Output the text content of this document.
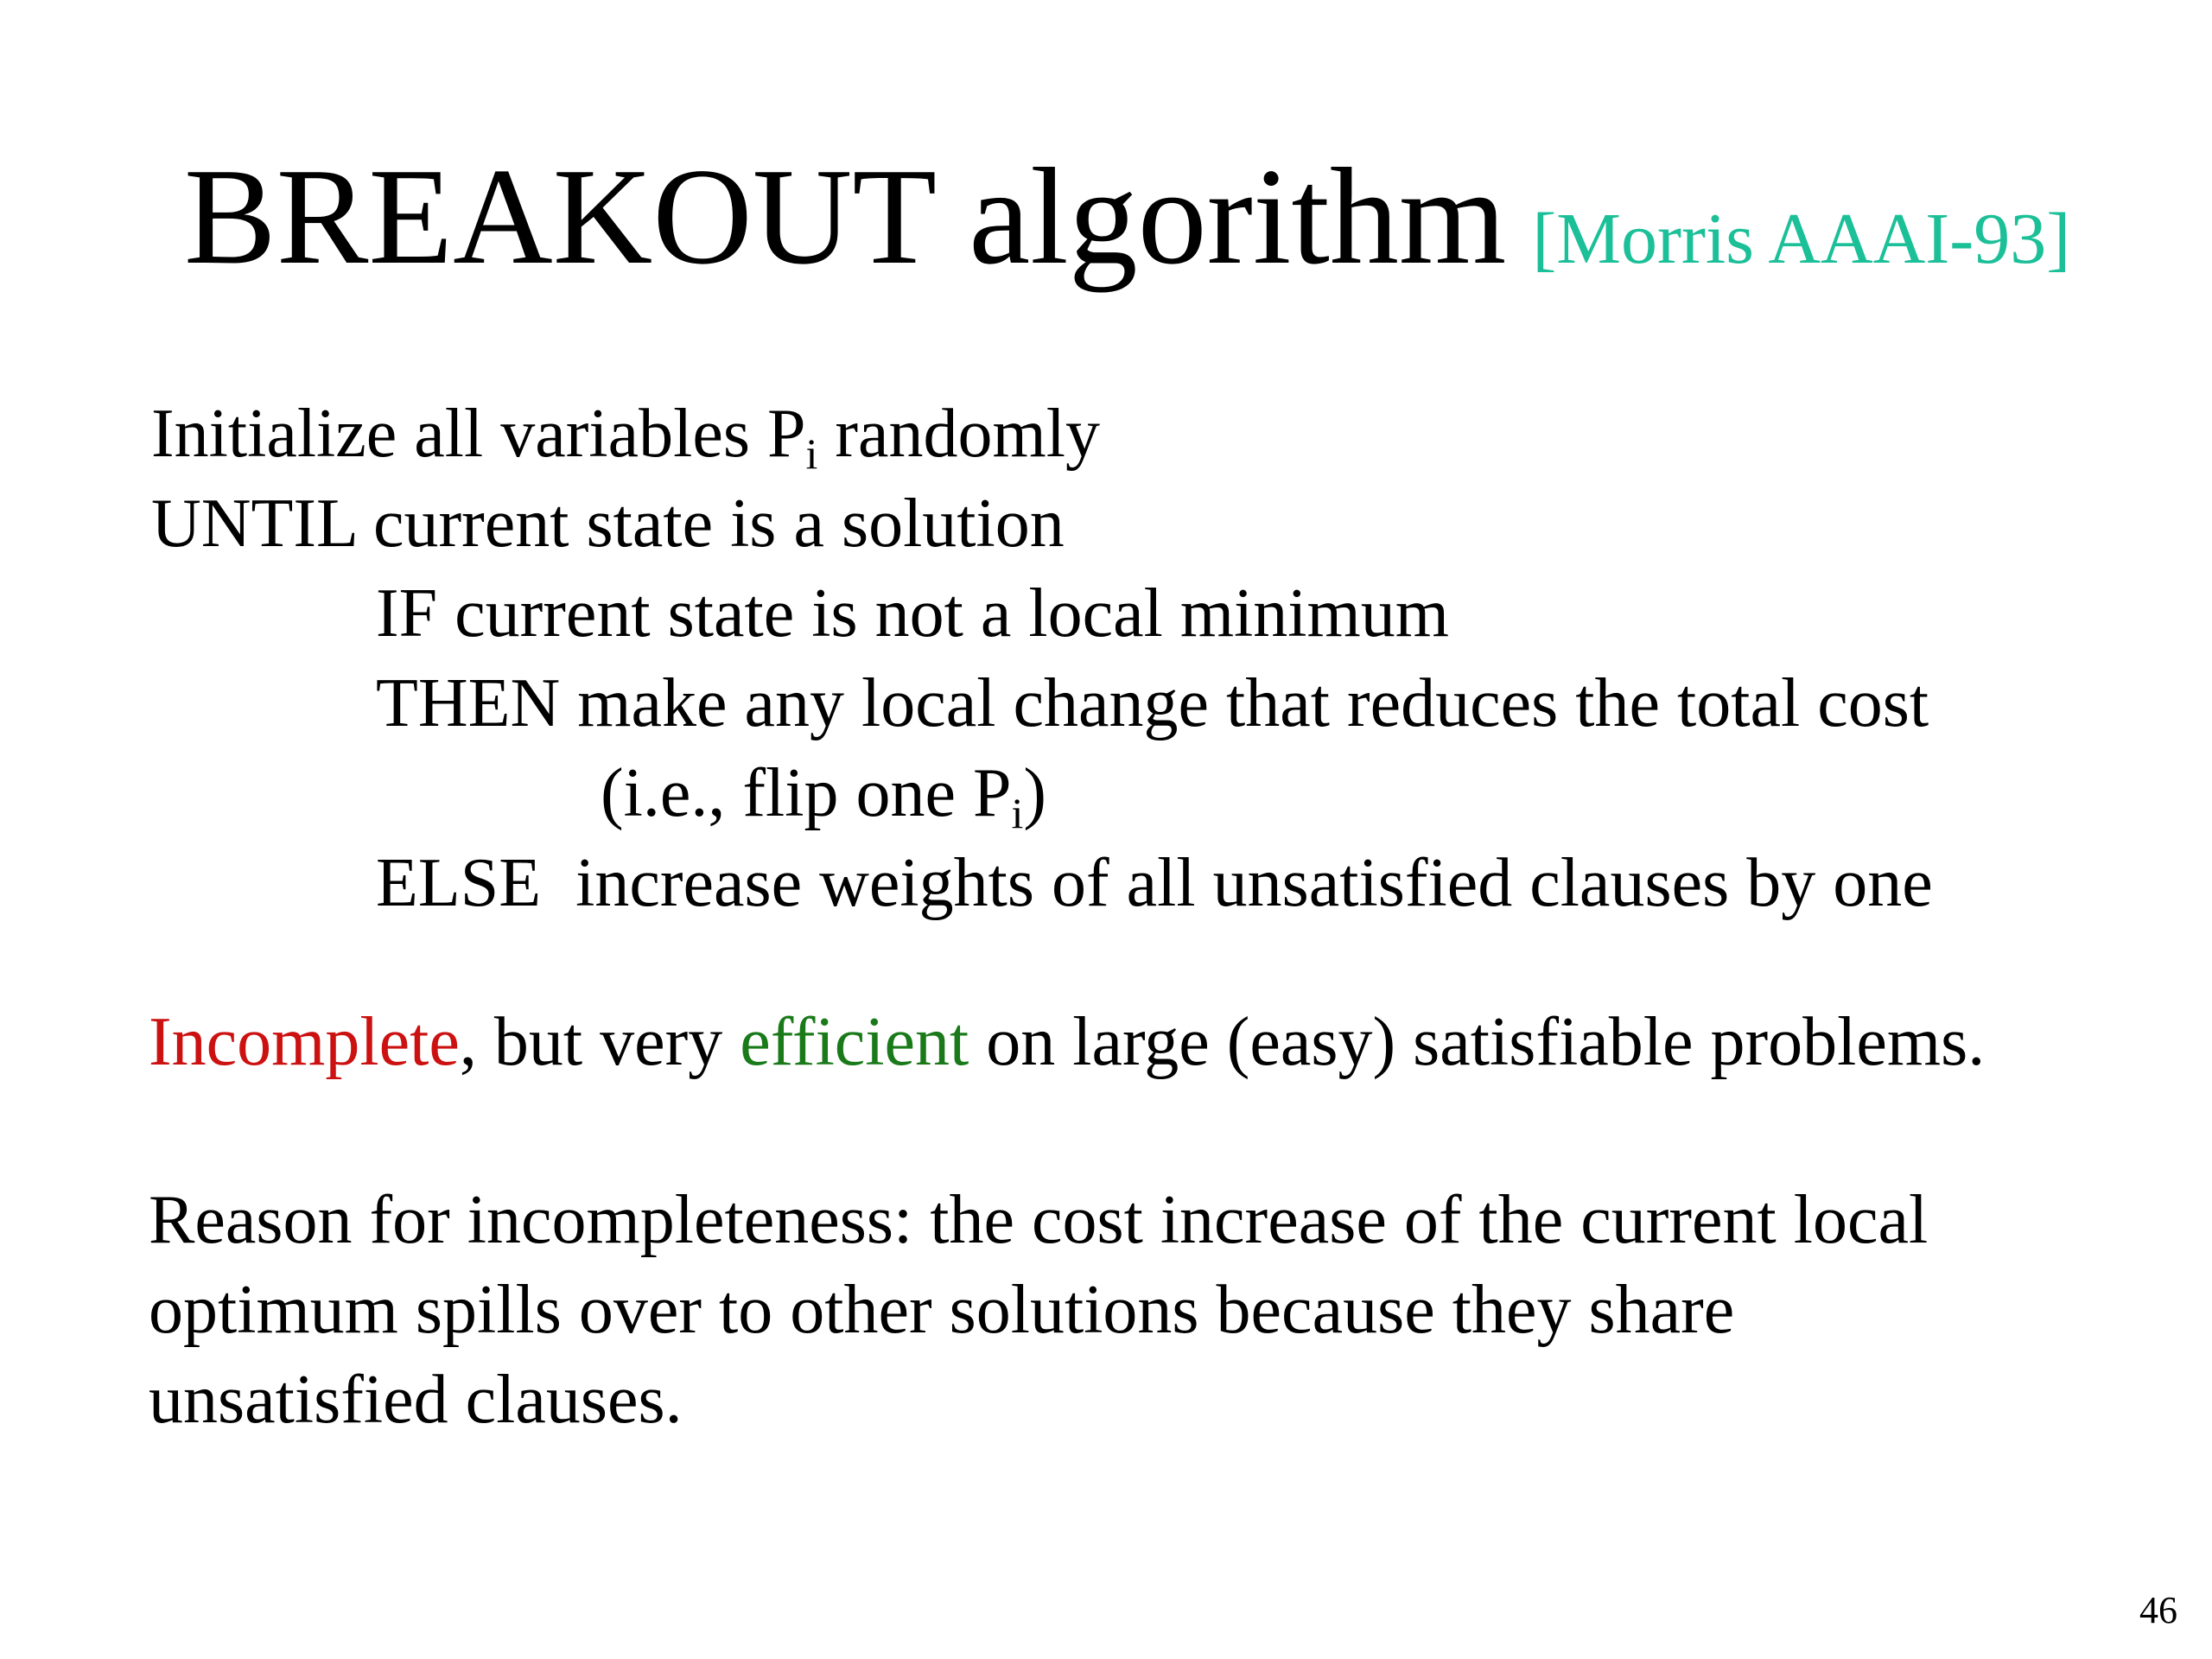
BREAKOUT algorithm [Morris AAAI-93]
Initialize all variables $P_i$ randomly
UNTIL current state is a solution
IF current state is not a local minimum
THEN make any local change that reduces the total cost
(i.e., flip one $P_i$)
ELSE  increase weights of all unsatisfied clauses by one
Incomplete, but very efficient on large (easy) satisfiable problems.
Reason for incompleteness: the cost increase of the current local
optimum spills over to other solutions because they share
unsatisfied clauses.
46
